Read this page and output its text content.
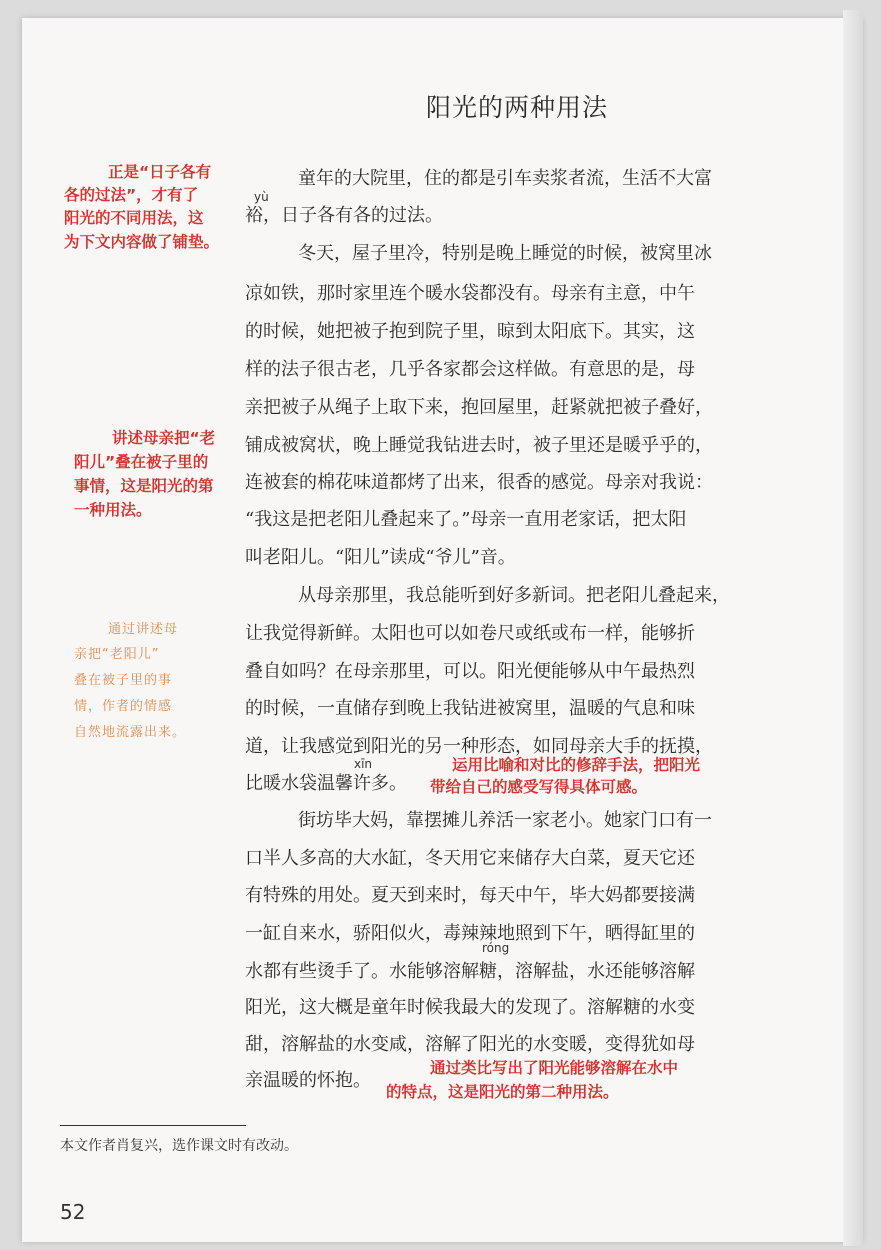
阳光的两种用法
童年的大院里，住的都是引车卖浆者流，生活不大富
裕，日子各有各的过法。
冬天，屋子里冷，特别是晚上睡觉的时候，被窝里冰
凉如铁，那时家里连个暖水袋都没有。母亲有主意，中午
的时候，她把被子抱到院子里，晾到太阳底下。其实，这
样的法子很古老，几乎各家都会这样做。有意思的是，母
亲把被子从绳子上取下来，抱回屋里，赶紧就把被子叠好，
铺成被窝状，晚上睡觉我钻进去时，被子里还是暖乎乎的，
连被套的棉花味道都烤了出来，很香的感觉。母亲对我说：
“我这是把老阳儿叠起来了。”母亲一直用老家话，把太阳
叫老阳儿。“阳儿”读成“爷儿”音。
从母亲那里，我总能听到好多新词。把老阳儿叠起来，
让我觉得新鲜。太阳也可以如卷尺或纸或布一样，能够折
叠自如吗？在母亲那里，可以。阳光便能够从中午最热烈
的时候，一直储存到晚上我钻进被窝里，温暖的气息和味
道，让我感觉到阳光的另一种形态，如同母亲大手的抚摸，
比暖水袋温馨许多。
街坊毕大妈，靠摆摊儿养活一家老小。她家门口有一
口半人多高的大水缸，冬天用它来储存大白菜，夏天它还
有特殊的用处。夏天到来时，每天中午，毕大妈都要接满
一缸自来水，骄阳似火，毒辣辣地照到下午，晒得缸里的
水都有些烫手了。水能够溶解糖，溶解盐，水还能够溶解
阳光，这大概是童年时候我最大的发现了。溶解糖的水变
甜，溶解盐的水变咸，溶解了阳光的水变暖，变得犹如母
亲温暖的怀抱。
yù
xīn
róng
正是“日子各有
各的过法”，才有了
阳光的不同用法，这
为下文内容做了铺垫。
讲述母亲把“老
阳儿”叠在被子里的
事情，这是阳光的第
一种用法。
通过讲述母
亲把“老阳儿”
叠在被子里的事
情，作者的情感
自然地流露出来。
运用比喻和对比的修辞手法，把阳光
带给自己的感受写得具体可感。
通过类比写出了阳光能够溶解在水中
的特点，这是阳光的第二种用法。
本文作者肖复兴，选作课文时有改动。
52
